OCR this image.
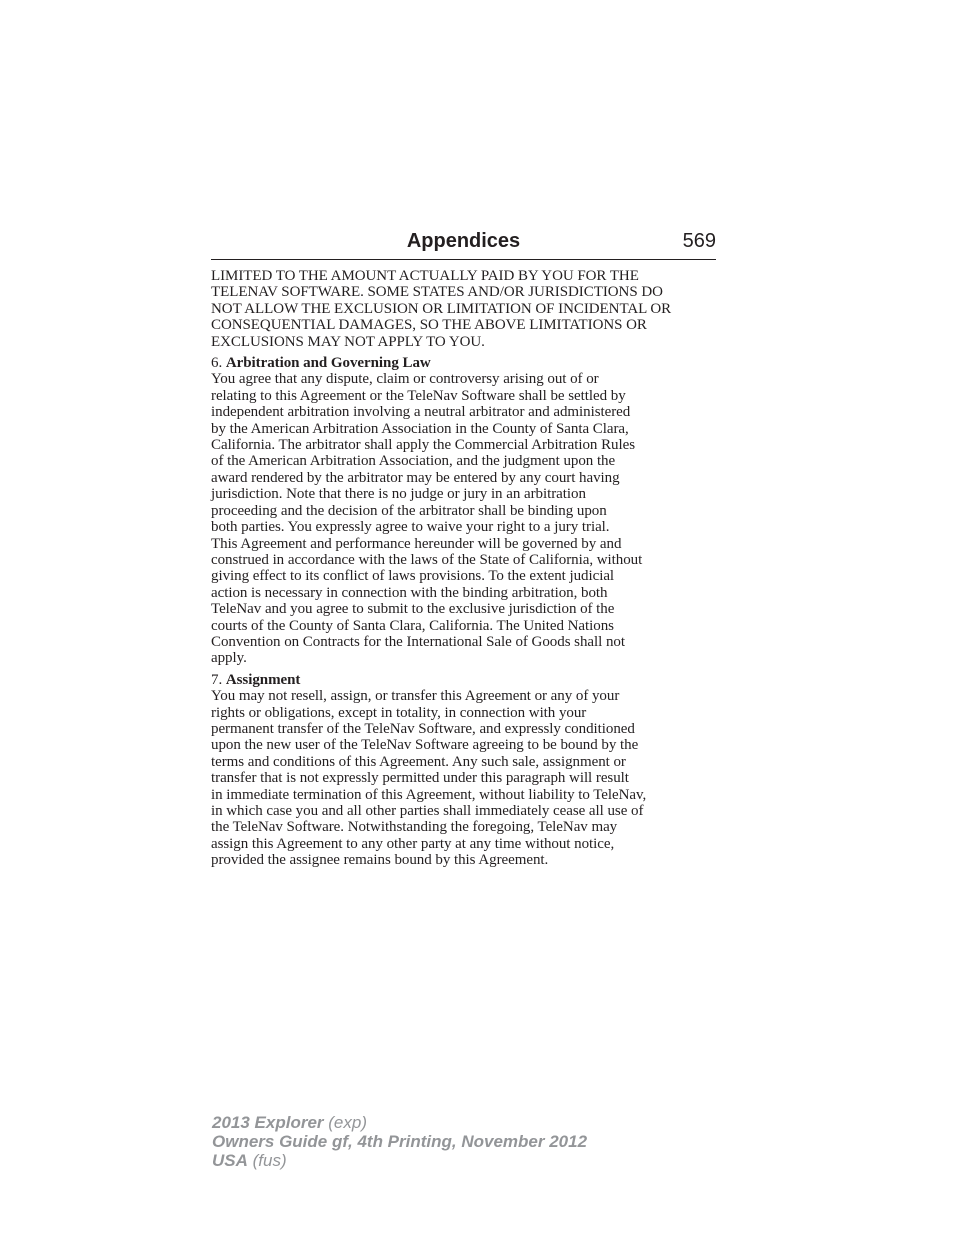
Appendices	569

LIMITED TO THE AMOUNT ACTUALLY PAID BY YOU FOR THE
TELENAV SOFTWARE. SOME STATES AND/OR JURISDICTIONS DO
NOT ALLOW THE EXCLUSION OR LIMITATION OF INCIDENTAL OR
CONSEQUENTIAL DAMAGES, SO THE ABOVE LIMITATIONS OR
EXCLUSIONS MAY NOT APPLY TO YOU.

6. Arbitration and Governing Law

You agree that any dispute, claim or controversy arising out of or
relating to this Agreement or the TeleNav Software shall be settled by
independent arbitration involving a neutral arbitrator and administered
by the American Arbitration Association in the County of Santa Clara,
California. The arbitrator shall apply the Commercial Arbitration Rules
of the American Arbitration Association, and the judgment upon the
award rendered by the arbitrator may be entered by any court having
jurisdiction. Note that there is no judge or jury in an arbitration
proceeding and the decision of the arbitrator shall be binding upon
both parties. You expressly agree to waive your right to a jury trial.
This Agreement and performance hereunder will be governed by and
construed in accordance with the laws of the State of California, without
giving effect to its conflict of laws provisions. To the extent judicial
action is necessary in connection with the binding arbitration, both
TeleNav and you agree to submit to the exclusive jurisdiction of the
courts of the County of Santa Clara, California. The United Nations
Convention on Contracts for the International Sale of Goods shall not
apply.

7. Assignment

You may not resell, assign, or transfer this Agreement or any of your
rights or obligations, except in totality, in connection with your
permanent transfer of the TeleNav Software, and expressly conditioned
upon the new user of the TeleNav Software agreeing to be bound by the
terms and conditions of this Agreement. Any such sale, assignment or
transfer that is not expressly permitted under this paragraph will result
in immediate termination of this Agreement, without liability to TeleNav,
in which case you and all other parties shall immediately cease all use of
the TeleNav Software. Notwithstanding the foregoing, TeleNav may
assign this Agreement to any other party at any time without notice,
provided the assignee remains bound by this Agreement.

2013 Explorer (exp)
Owners Guide gf, 4th Printing, November 2012
USA (fus)
